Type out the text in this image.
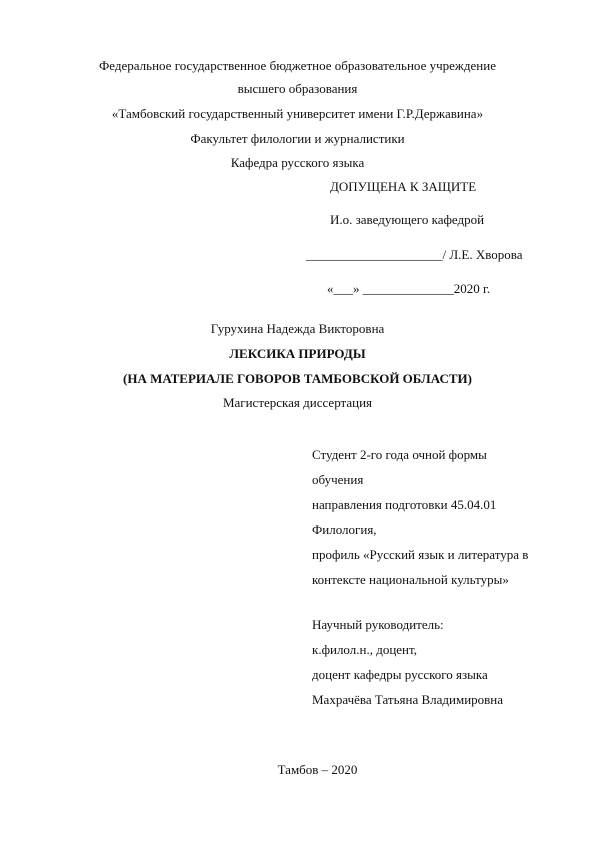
Федеральное государственное бюджетное образовательное учреждение
высшего образования
«Тамбовский государственный университет имени Г.Р.Державина»
Факультет филологии и журналистики
Кафедра русского языка
ДОПУЩЕНА К ЗАЩИТЕ
И.о. заведующего кафедрой
_____________________/ Л.Е. Хворова
«___» ______________2020 г.
Гурухина Надежда Викторовна
ЛЕКСИКА ПРИРОДЫ
(НА МАТЕРИАЛЕ ГОВОРОВ ТАМБОВСКОЙ ОБЛАСТИ)
Магистерская диссертация
Студент 2-го года очной формы
обучения
направления подготовки 45.04.01
Филология,
профиль «Русский язык и литература в
контексте национальной культуры»
Научный руководитель:
к.филол.н., доцент,
доцент кафедры русского языка
Махрачёва Татьяна Владимировна
Тамбов – 2020
